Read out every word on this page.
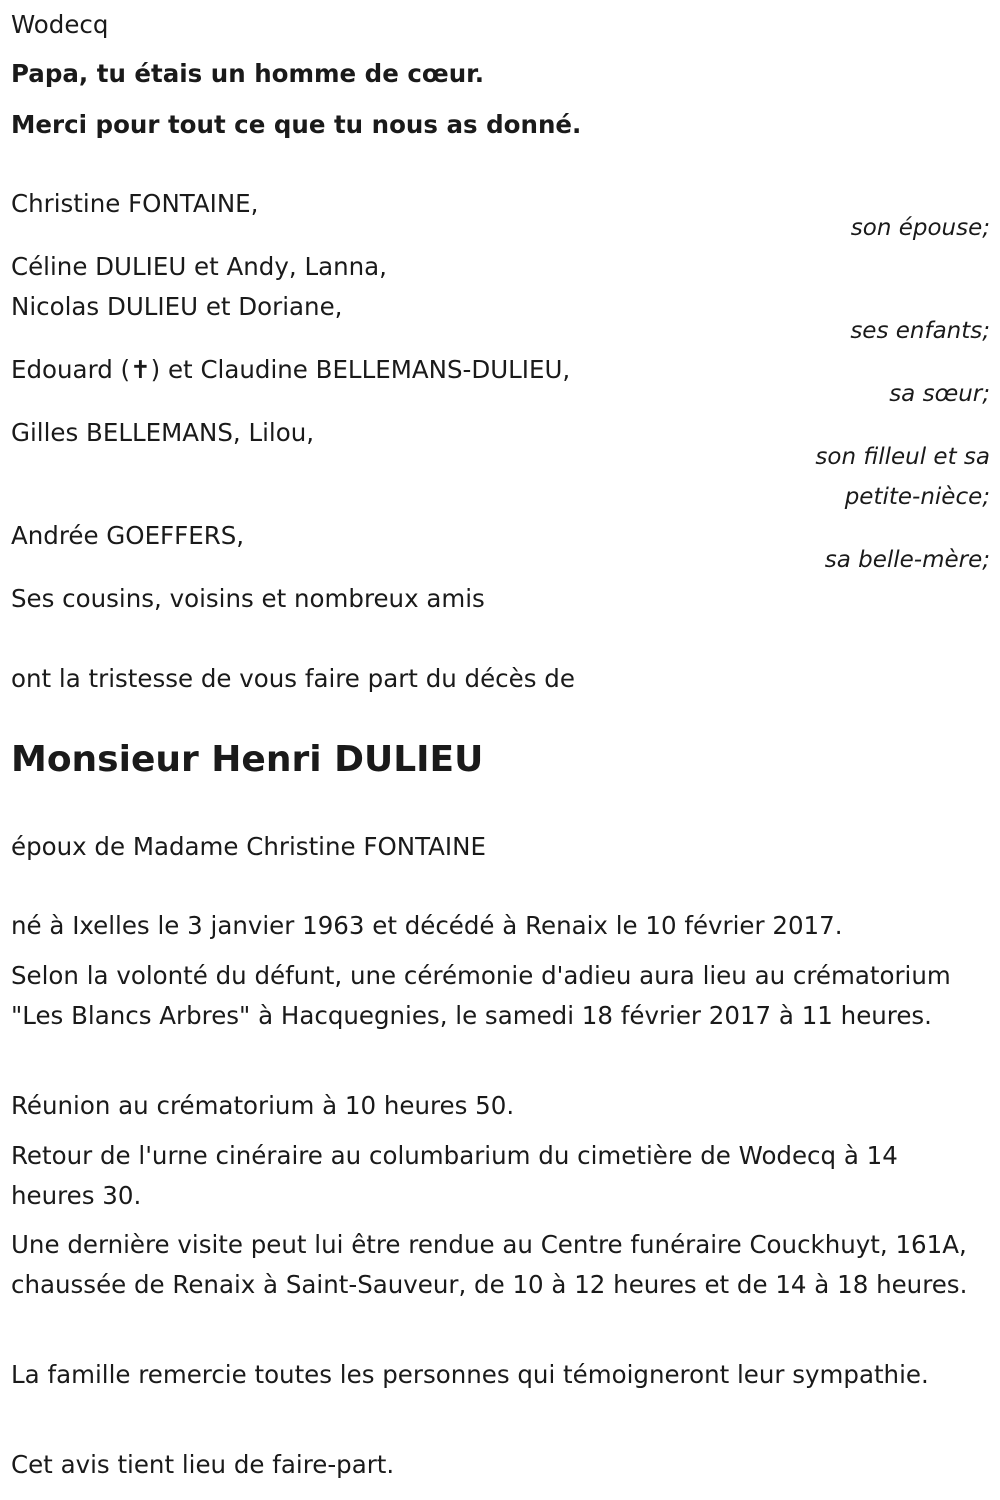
Wodecq

Papa, tu étais un homme de cœur.

Merci pour tout ce que tu nous as donné.

Christine FONTAINE,

son épouse;

Céline DULIEU et Andy, Lanna,

Nicolas DULIEU et Doriane,

ses enfants;

Edouard (✝) et Claudine BELLEMANS-DULIEU,

sa sœur;

Gilles BELLEMANS, Lilou,

son filleul et sa

petite-nièce;

Andrée GOEFFERS,

sa belle-mère;

Ses cousins, voisins et nombreux amis

ont la tristesse de vous faire part du décès de

Monsieur Henri DULIEU

époux de Madame Christine FONTAINE

né à Ixelles le 3 janvier 1963 et décédé à Renaix le 10 février 2017.

Selon la volonté du défunt, une cérémonie d'adieu aura lieu au crématorium "Les Blancs Arbres" à Hacquegnies, le samedi 18 février 2017 à 11 heures.

Réunion au crématorium à 10 heures 50.

Retour de l'urne cinéraire au columbarium du cimetière de Wodecq à 14 heures 30.

Une dernière visite peut lui être rendue au Centre funéraire Couckhuyt, 161A, chaussée de Renaix à Saint-Sauveur, de 10 à 12 heures et de 14 à 18 heures.

La famille remercie toutes les personnes qui témoigneront leur sympathie.

Cet avis tient lieu de faire-part.
